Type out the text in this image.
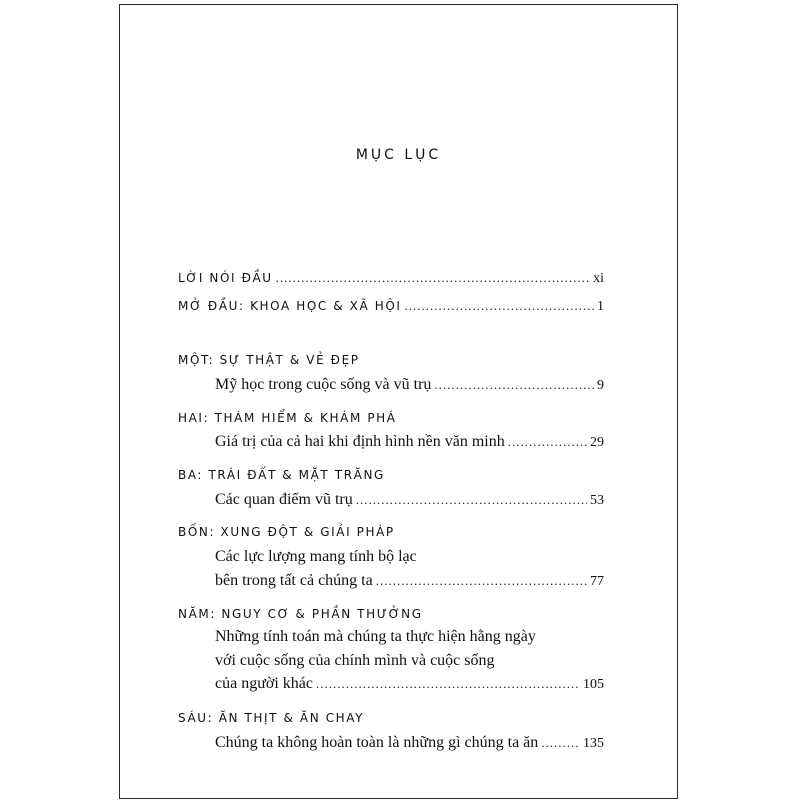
MỤC LỤC
LỜI NÓI ĐẦU .....	xi
MỞ ĐẦU: KHOA HỌC & XÃ HỘI .....	1
MỘT: SỰ THẬT & VẺ ĐẸP
Mỹ học trong cuộc sống và vũ trụ .....	9
HAI: THÁM HIỂM & KHÁM PHÁ
Giá trị của cả hai khi định hình nền văn minh .....	29
BA: TRÁI ĐẤT & MẶT TRĂNG
Các quan điểm vũ trụ .....	53
BỐN: XUNG ĐỘT & GIẢI PHÁP
Các lực lượng mang tính bộ lạc
bên trong tất cả chúng ta .....	77
NĂM: NGUY CƠ & PHẦN THƯỞNG
Những tính toán mà chúng ta thực hiện hằng ngày
với cuộc sống của chính mình và cuộc sống
của người khác .....	105
SÁU: ĂN THỊT & ĂN CHAY
Chúng ta không hoàn toàn là những gì chúng ta ăn .....	135
